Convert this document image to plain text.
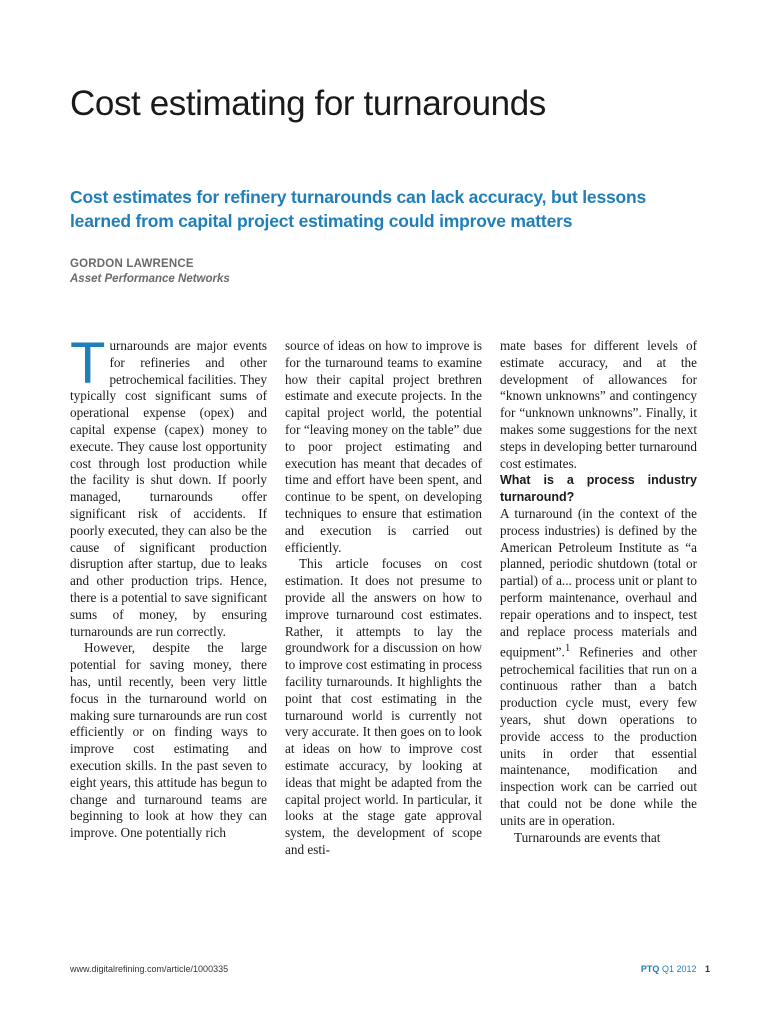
Cost estimating for turnarounds

Cost estimates for refinery turnarounds can lack accuracy, but lessons learned from capital project estimating could improve matters

GORDON LAWRENCE

Asset Performance Networks

Turnarounds are major events for refineries and other petrochemical facilities. They typically cost significant sums of operational expense (opex) and capital expense (capex) money to execute. They cause lost opportunity cost through lost production while the facility is shut down. If poorly managed, turnarounds offer significant risk of accidents. If poorly executed, they can also be the cause of significant production disruption after startup, due to leaks and other production trips. Hence, there is a potential to save significant sums of money, by ensuring turnarounds are run correctly.

However, despite the large potential for saving money, there has, until recently, been very little focus in the turnaround world on making sure turnarounds are run cost efficiently or on finding ways to improve cost estimating and execution skills. In the past seven to eight years, this attitude has begun to change and turnaround teams are beginning to look at how they can improve. One potentially rich

source of ideas on how to improve is for the turnaround teams to examine how their capital project brethren estimate and execute projects. In the capital project world, the potential for “leaving money on the table” due to poor project estimating and execution has meant that decades of time and effort have been spent, and continue to be spent, on developing techniques to ensure that estimation and execution is carried out efficiently.

This article focuses on cost estimation. It does not presume to provide all the answers on how to improve turnaround cost estimates. Rather, it attempts to lay the groundwork for a discussion on how to improve cost estimating in process facility turnarounds. It highlights the point that cost estimating in the turnaround world is currently not very accurate. It then goes on to look at ideas on how to improve cost estimate accuracy, by looking at ideas that might be adapted from the capital project world. In particular, it looks at the stage gate approval system, the development of scope and esti-

mate bases for different levels of estimate accuracy, and at the development of allowances for “known unknowns” and contingency for “unknown unknowns”. Finally, it makes some suggestions for the next steps in developing better turnaround cost estimates.

What is a process industry turnaround?

A turnaround (in the context of the process industries) is defined by the American Petroleum Institute as “a planned, periodic shutdown (total or partial) of a... process unit or plant to perform maintenance, overhaul and repair operations and to inspect, test and replace process materials and equipment”.$^1$ Refineries and other petrochemical facilities that run on a continuous rather than a batch production cycle must, every few years, shut down operations to provide access to the production units in order that essential maintenance, modification and inspection work can be carried out that could not be done while the units are in operation.

Turnarounds are events that

www.digitalrefining.com/article/1000335	PTQ Q1 2012 1
